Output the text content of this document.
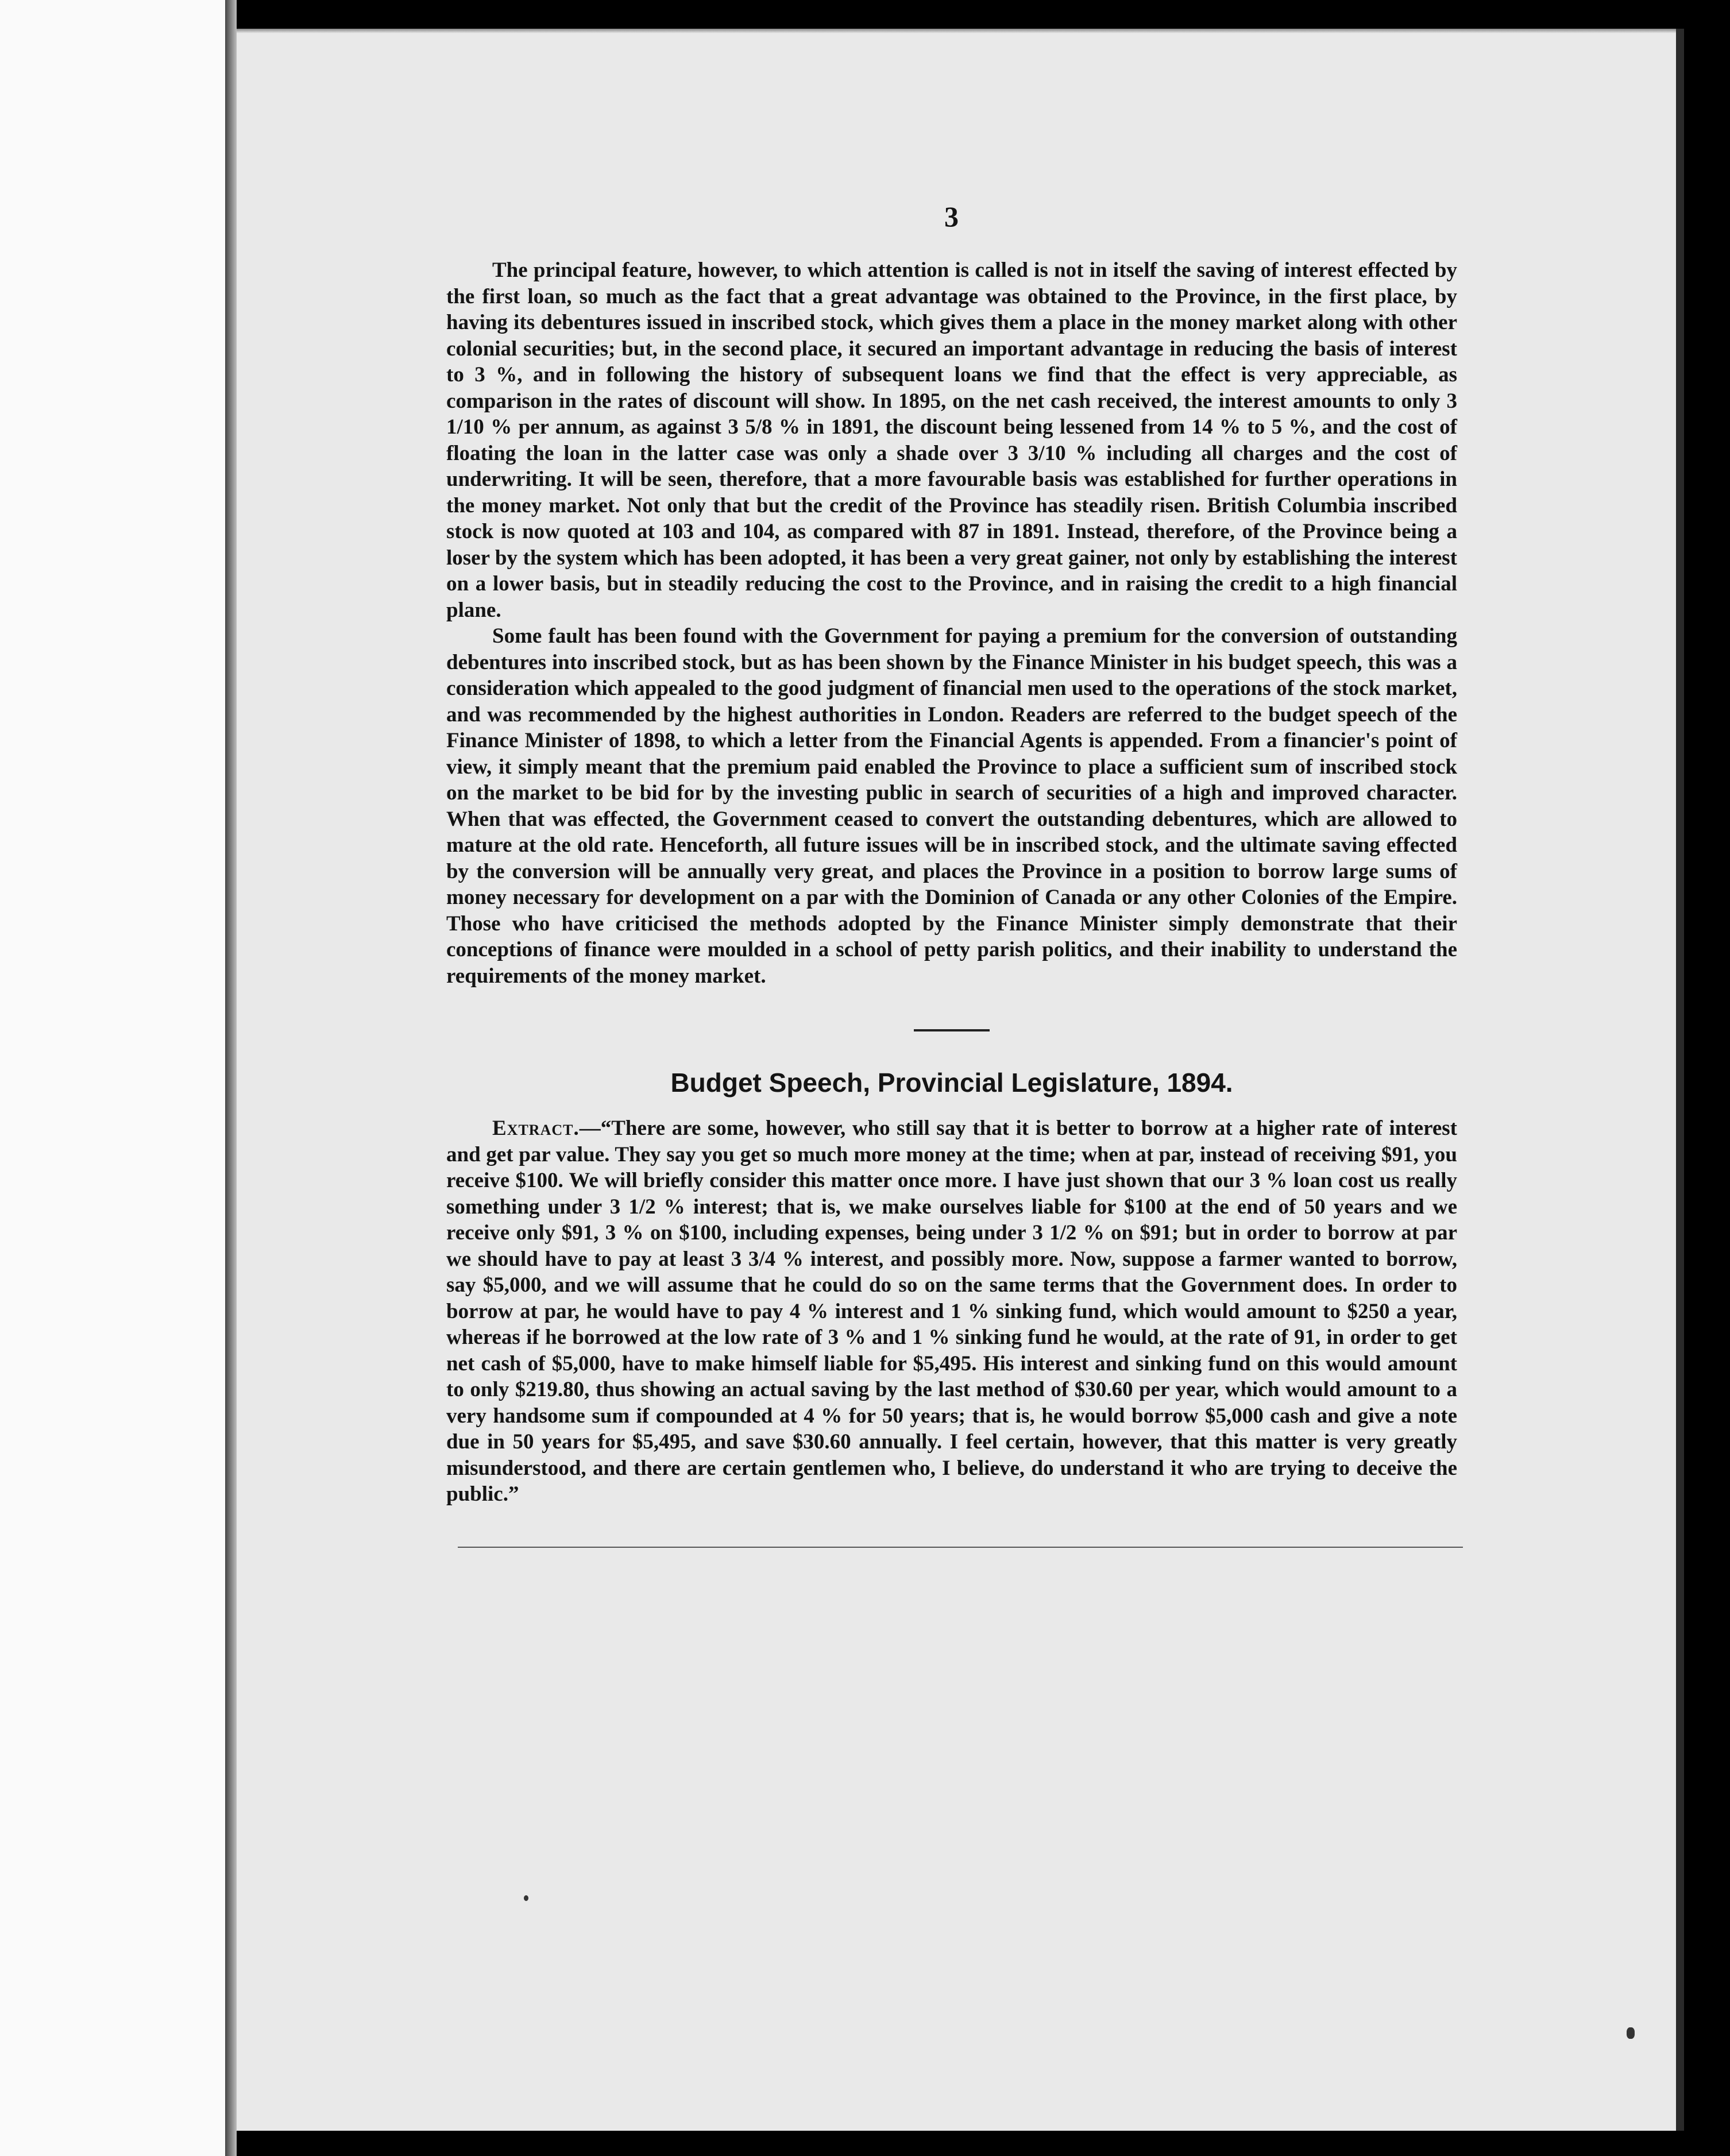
3

The principal feature, however, to which attention is called is not in itself the saving of interest effected by the first loan, so much as the fact that a great advantage was obtained to the Province, in the first place, by having its debentures issued in inscribed stock, which gives them a place in the money market along with other colonial securities; but, in the second place, it secured an important advantage in reducing the basis of interest to 3 %, and in following the history of subsequent loans we find that the effect is very appreciable, as comparison in the rates of discount will show. In 1895, on the net cash received, the interest amounts to only 3 1/10 % per annum, as against 3 5/8 % in 1891, the discount being lessened from 14 % to 5 %, and the cost of floating the loan in the latter case was only a shade over 3 3/10 % including all charges and the cost of underwriting. It will be seen, therefore, that a more favourable basis was established for further operations in the money market. Not only that but the credit of the Province has steadily risen. British Columbia inscribed stock is now quoted at 103 and 104, as compared with 87 in 1891. Instead, therefore, of the Province being a loser by the system which has been adopted, it has been a very great gainer, not only by establishing the interest on a lower basis, but in steadily reducing the cost to the Province, and in raising the credit to a high financial plane.

Some fault has been found with the Government for paying a premium for the conversion of outstanding debentures into inscribed stock, but as has been shown by the Finance Minister in his budget speech, this was a consideration which appealed to the good judgment of financial men used to the operations of the stock market, and was recommended by the highest authorities in London. Readers are referred to the budget speech of the Finance Minister of 1898, to which a letter from the Financial Agents is appended. From a financier's point of view, it simply meant that the premium paid enabled the Province to place a sufficient sum of inscribed stock on the market to be bid for by the investing public in search of securities of a high and improved character. When that was effected, the Government ceased to convert the outstanding debentures, which are allowed to mature at the old rate. Henceforth, all future issues will be in inscribed stock, and the ultimate saving effected by the conversion will be annually very great, and places the Province in a position to borrow large sums of money necessary for development on a par with the Dominion of Canada or any other Colonies of the Empire. Those who have criticised the methods adopted by the Finance Minister simply demonstrate that their conceptions of finance were moulded in a school of petty parish politics, and their inability to understand the requirements of the money market.

Budget Speech, Provincial Legislature, 1894.

Extract.—“There are some, however, who still say that it is better to borrow at a higher rate of interest and get par value. They say you get so much more money at the time; when at par, instead of receiving $91, you receive $100. We will briefly consider this matter once more. I have just shown that our 3 % loan cost us really something under 3 1/2 % interest; that is, we make ourselves liable for $100 at the end of 50 years and we receive only $91, 3 % on $100, including expenses, being under 3 1/2 % on $91; but in order to borrow at par we should have to pay at least 3 3/4 % interest, and possibly more. Now, suppose a farmer wanted to borrow, say $5,000, and we will assume that he could do so on the same terms that the Government does. In order to borrow at par, he would have to pay 4 % interest and 1 % sinking fund, which would amount to $250 a year, whereas if he borrowed at the low rate of 3 % and 1 % sinking fund he would, at the rate of 91, in order to get net cash of $5,000, have to make himself liable for $5,495. His interest and sinking fund on this would amount to only $219.80, thus showing an actual saving by the last method of $30.60 per year, which would amount to a very handsome sum if compounded at 4 % for 50 years; that is, he would borrow $5,000 cash and give a note due in 50 years for $5,495, and save $30.60 annually. I feel certain, however, that this matter is very greatly misunderstood, and there are certain gentlemen who, I believe, do understand it who are trying to deceive the public.”
